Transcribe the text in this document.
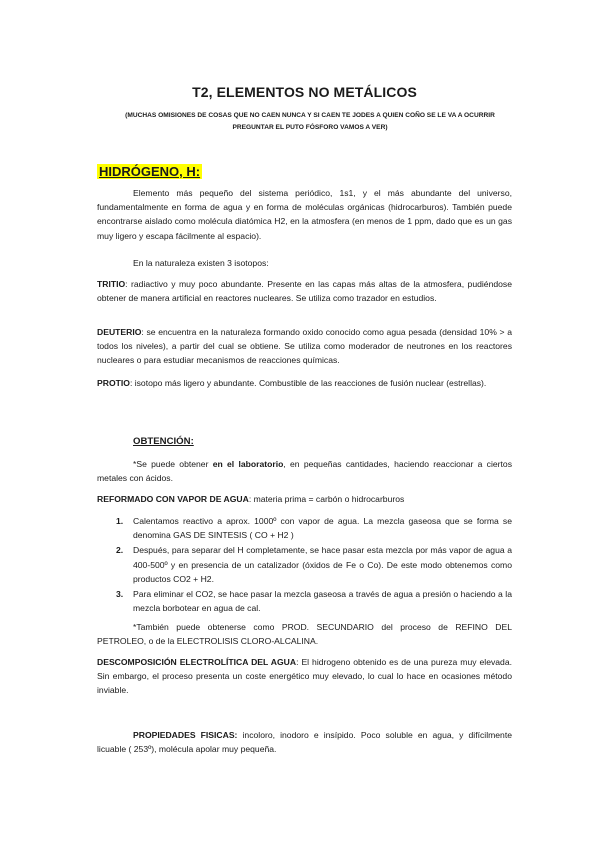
T2, ELEMENTOS NO METÁLICOS
(MUCHAS OMISIONES DE COSAS QUE NO CAEN NUNCA Y SI CAEN TE JODES A QUIEN COÑO SE LE VA A OCURRIR PREGUNTAR EL PUTO FÓSFORO VAMOS A VER)
HIDRÓGENO, H:
Elemento más pequeño del sistema periódico, 1s1, y el más abundante del universo, fundamentalmente en forma de agua y en forma de moléculas orgánicas (hidrocarburos). También puede encontrarse aislado como molécula diatómica H2, en la atmosfera (en menos de 1 ppm, dado que es un gas muy ligero y escapa fácilmente al espacio).
En la naturaleza existen 3 isotopos:
TRITIO: radiactivo y muy poco abundante. Presente en las capas más altas de la atmosfera, pudiéndose obtener de manera artificial en reactores nucleares. Se utiliza como trazador en estudios.
DEUTERIO: se encuentra en la naturaleza formando oxido conocido como agua pesada (densidad 10% > a todos los niveles), a partir del cual se obtiene. Se utiliza como moderador de neutrones en los reactores nucleares o para estudiar mecanismos de reacciones químicas.
PROTIO: isotopo más ligero y abundante. Combustible de las reacciones de fusión nuclear (estrellas).
OBTENCIÓN:
*Se puede obtener en el laboratorio, en pequeñas cantidades, haciendo reaccionar a ciertos metales con ácidos.
REFORMADO CON VAPOR DE AGUA: materia prima = carbón o hidrocarburos
1. Calentamos reactivo a aprox. 1000º con vapor de agua. La mezcla gaseosa que se forma se denomina GAS DE SINTESIS ( CO + H2 )
2. Después, para separar del H completamente, se hace pasar esta mezcla por más vapor de agua a 400-500º y en presencia de un catalizador (óxidos de Fe o Co). De este modo obtenemos como productos CO2 + H2.
3. Para eliminar el CO2, se hace pasar la mezcla gaseosa a través de agua a presión o haciendo a la mezcla borbotear en agua de cal.
*También puede obtenerse como PROD. SECUNDARIO del proceso de REFINO DEL PETROLEO, o de la ELECTROLISIS CLORO-ALCALINA.
DESCOMPOSICIÓN ELECTROLÍTICA DEL AGUA: El hidrogeno obtenido es de una pureza muy elevada. Sin embargo, el proceso presenta un coste energético muy elevado, lo cual lo hace en ocasiones método inviable.
PROPIEDADES FISICAS: incoloro, inodoro e insípido. Poco soluble en agua, y difícilmente licuable ( 253º), molécula apolar muy pequeña.
